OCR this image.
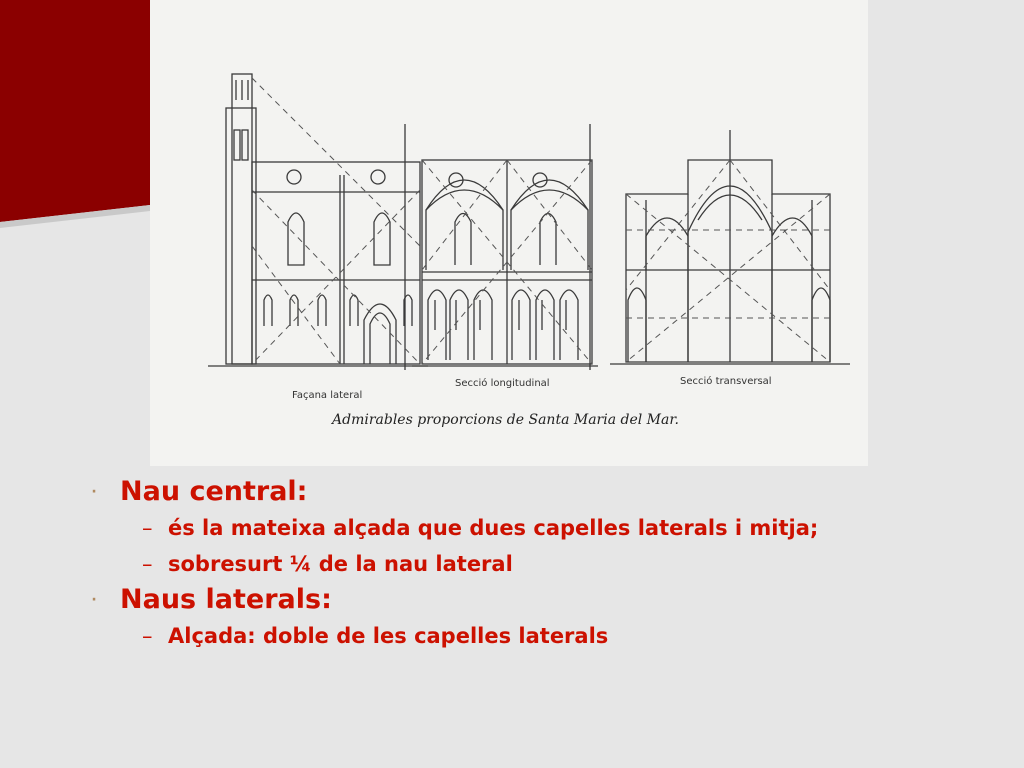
Façana lateral
Secció longitudinal	Secció transversal
Admirables proporcions de Santa Maria del Mar.
· Nau central:
– és la mateixa alçada que dues capelles laterals i mitja;
– sobresurt ¼ de la nau lateral
· Naus laterals:
– Alçada: doble de les capelles laterals
